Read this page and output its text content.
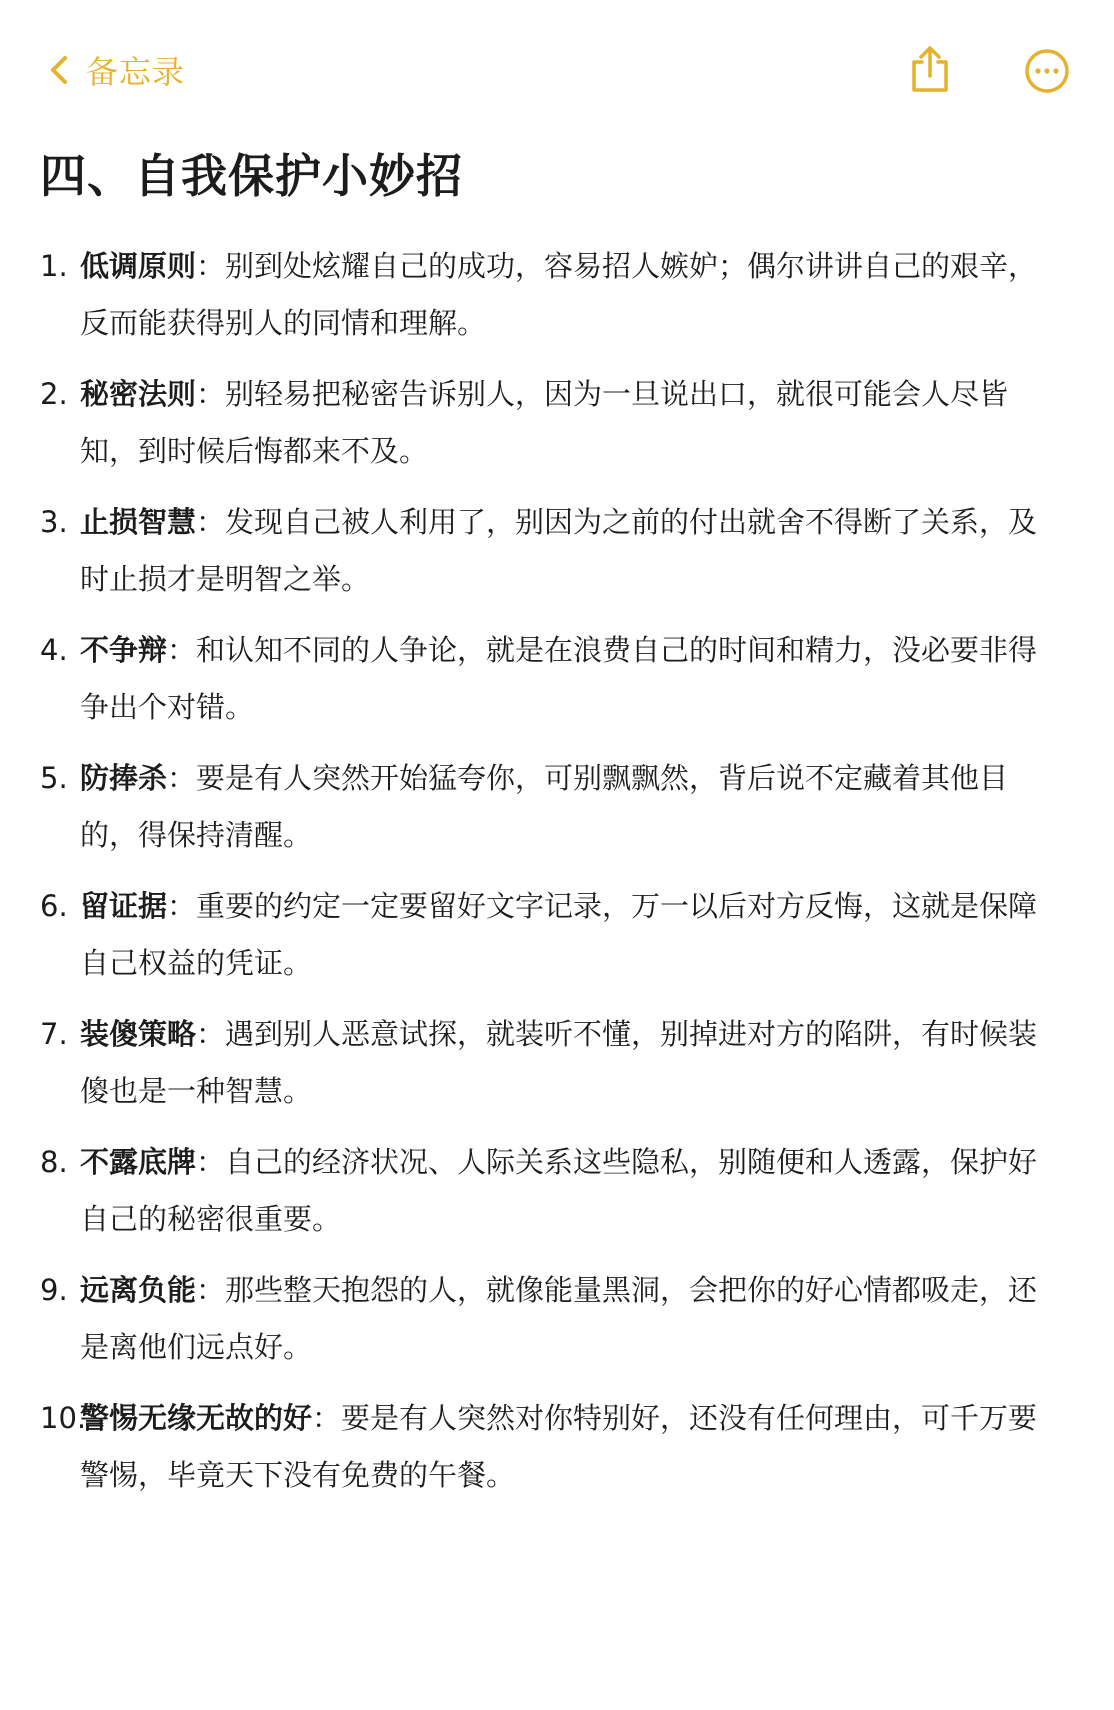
备忘录
四、自我保护小妙招
1. 低调原则：别到处炫耀自己的成功，容易招人嫉妒；偶尔讲讲自己的艰辛，反而能获得别人的同情和理解。
2. 秘密法则：别轻易把秘密告诉别人，因为一旦说出口，就很可能会人尽皆知，到时候后悔都来不及。
3. 止损智慧：发现自己被人利用了，别因为之前的付出就舍不得断了关系，及时止损才是明智之举。
4. 不争辩：和认知不同的人争论，就是在浪费自己的时间和精力，没必要非得争出个对错。
5. 防捧杀：要是有人突然开始猛夸你，可别飘飘然，背后说不定藏着其他目的，得保持清醒。
6. 留证据：重要的约定一定要留好文字记录，万一以后对方反悔，这就是保障自己权益的凭证。
7. 装傻策略：遇到别人恶意试探，就装听不懂，别掉进对方的陷阱，有时候装傻也是一种智慧。
8. 不露底牌：自己的经济状况、人际关系这些隐私，别随便和人透露，保护好自己的秘密很重要。
9. 远离负能：那些整天抱怨的人，就像能量黑洞，会把你的好心情都吸走，还是离他们远点好。
10.
警惕无缘无故的好：要是有人突然对你特别好，还没有任何理由，可千万要警惕，毕竟天下没有免费的午餐。
